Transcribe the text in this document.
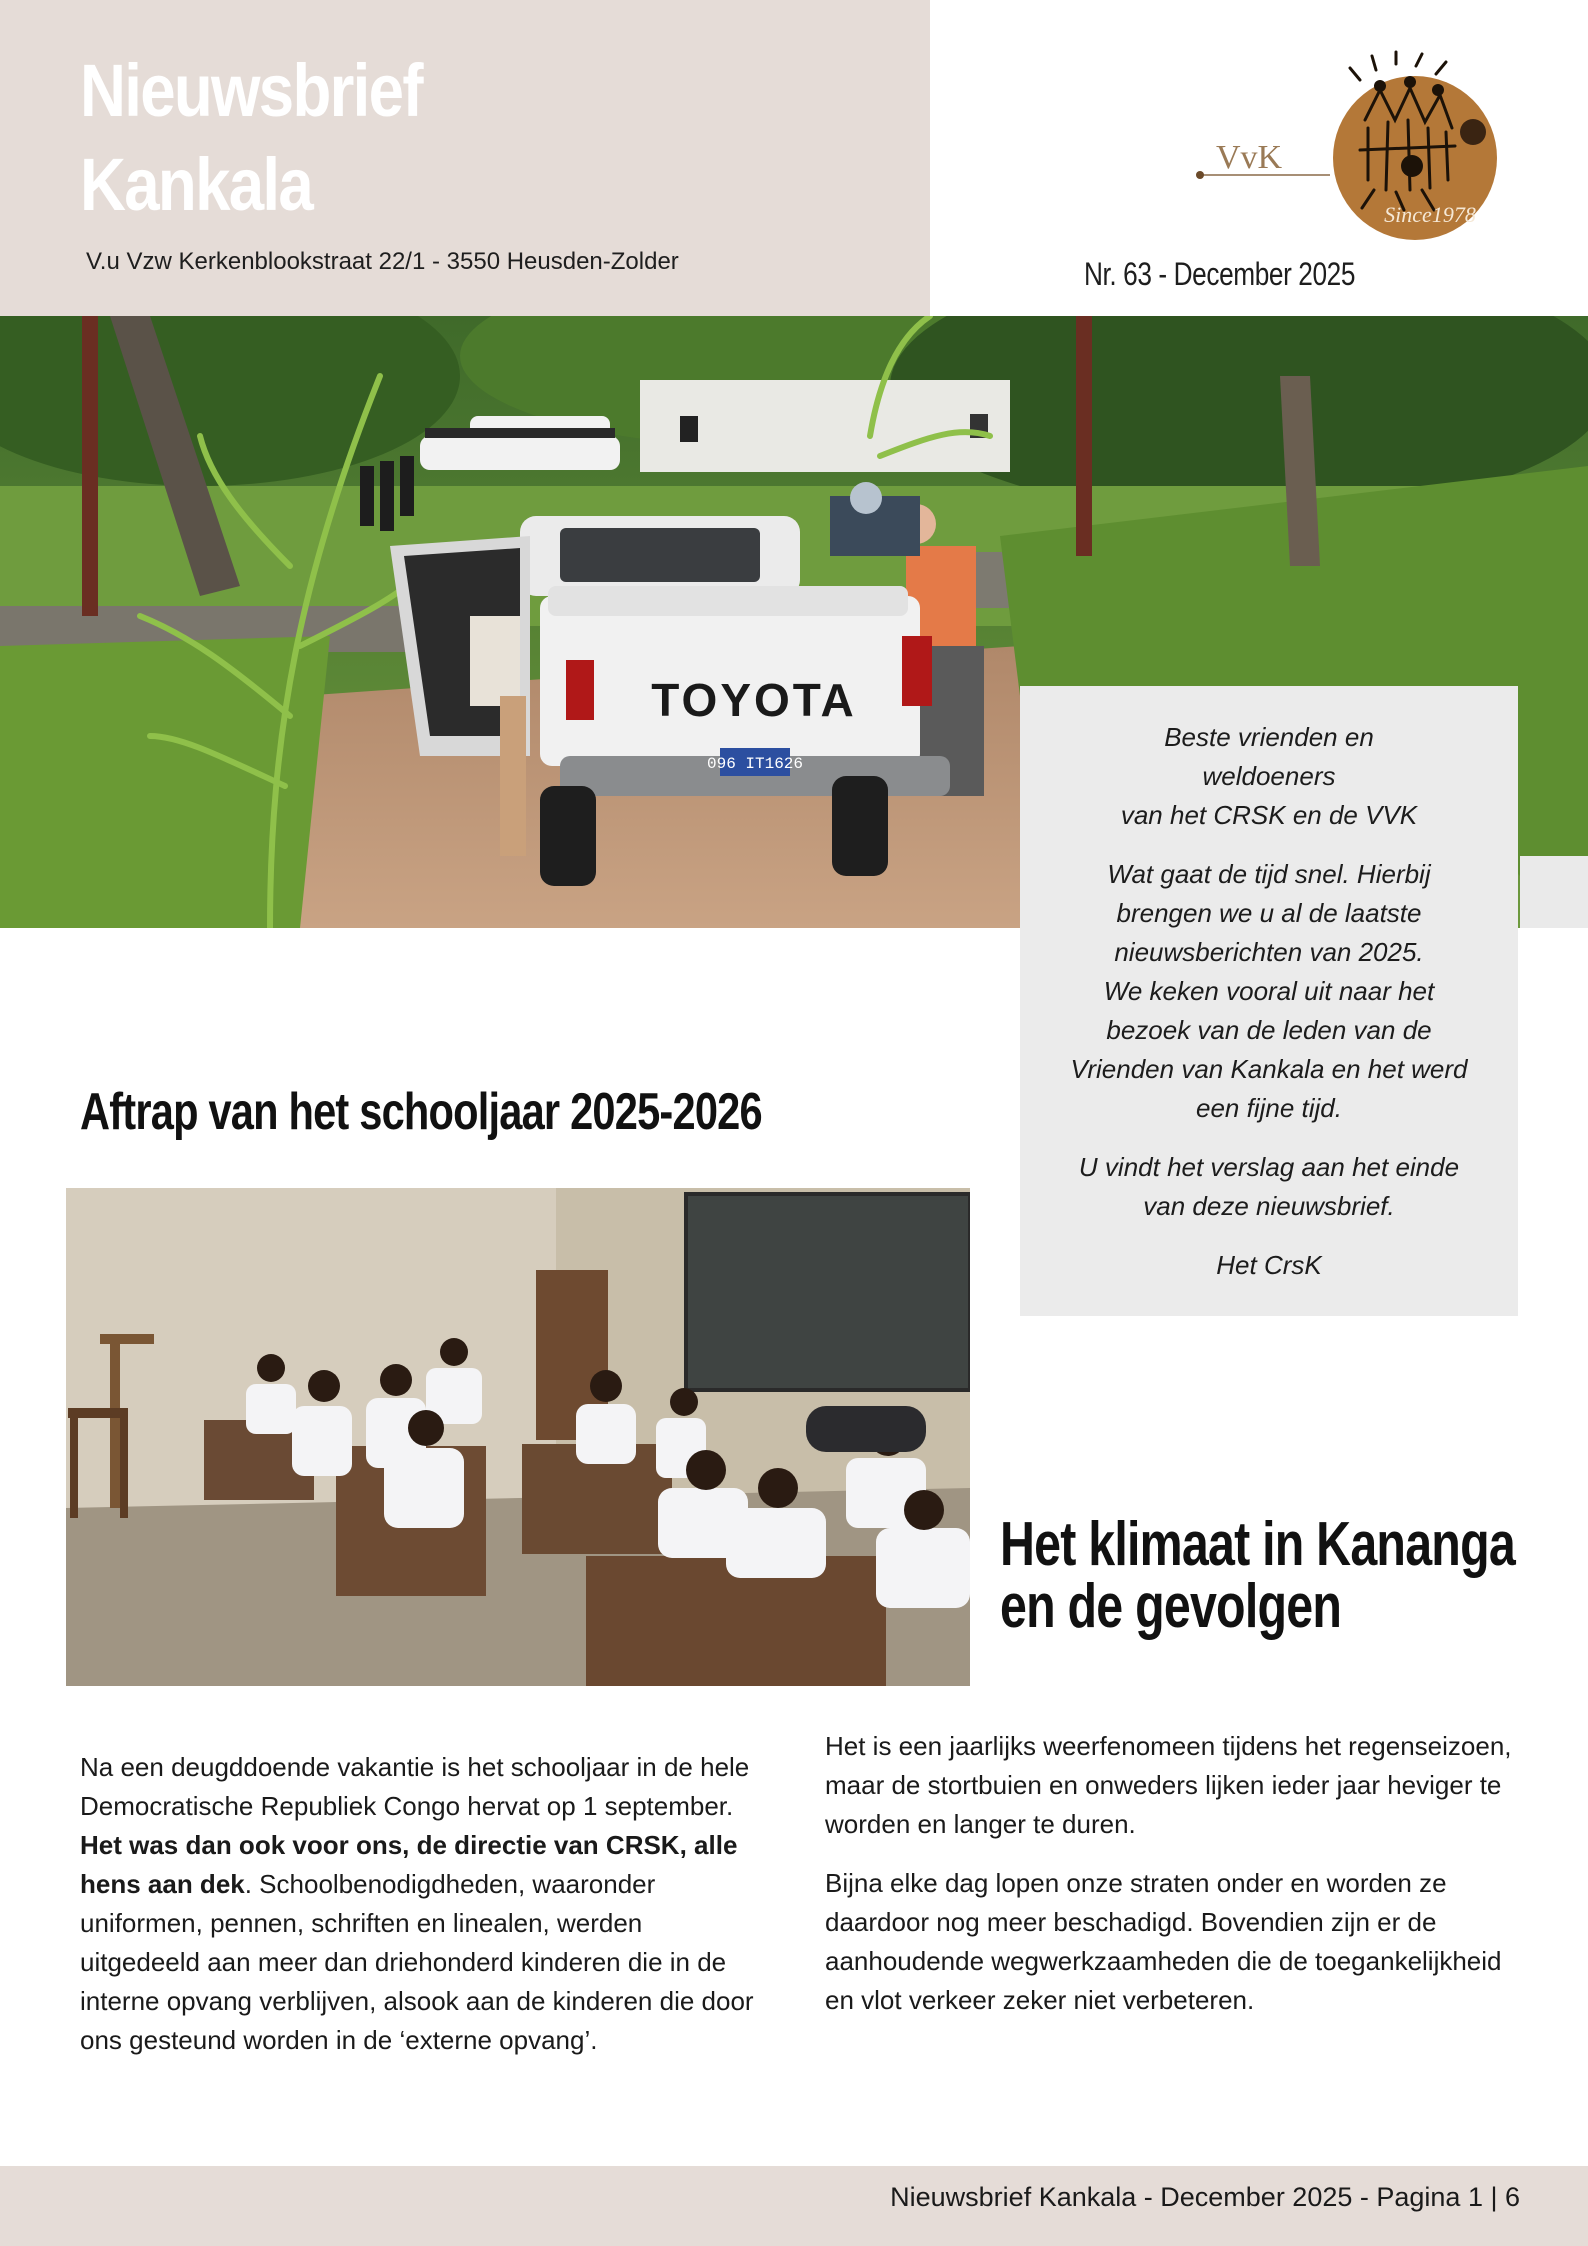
Nieuwsbrief
Kankala
V.u Vzw Kerkenblookstraat 22/1 - 3550 Heusden-Zolder	Nr. 63 - December 2025
VvK
Since1978
096 IT1626
TOYOTA

Beste vrienden en
weldoeners
van het CRSK en de VVK

Wat gaat de tijd snel. Hierbij
brengen we u al de laatste
nieuwsberichten van 2025.
We keken vooral uit naar het
bezoek van de leden van de
Vrienden van Kankala en het werd
een fijne tijd.

U vindt het verslag aan het einde
van deze nieuwsbrief.

Het CrsK

Aftrap van het schooljaar 2025-2026
Het klimaat in Kananga
en de gevolgen

Na een deugddoende vakantie is het schooljaar in de hele Democratische Republiek Congo hervat op 1 september. Het was dan ook voor ons, de directie van CRSK, alle hens aan dek. Schoolbenodigdheden, waaronder uniformen, pennen, schriften en linealen, werden uitgedeeld aan meer dan driehonderd kinderen die in de interne opvang verblijven, alsook aan de kinderen die door ons gesteund worden in de ‘externe opvang’.

Het is een jaarlijks weerfenomeen tijdens het regenseizoen, maar de stortbuien en onweders lijken ieder jaar heviger te worden en langer te duren.

Bijna elke dag lopen onze straten onder en worden ze daardoor nog meer beschadigd. Bovendien zijn er de aanhoudende wegwerkzaamheden die de toegankelijkheid en vlot verkeer zeker niet verbeteren.

Nieuwsbrief Kankala - December 2025 - Pagina 1 | 6
